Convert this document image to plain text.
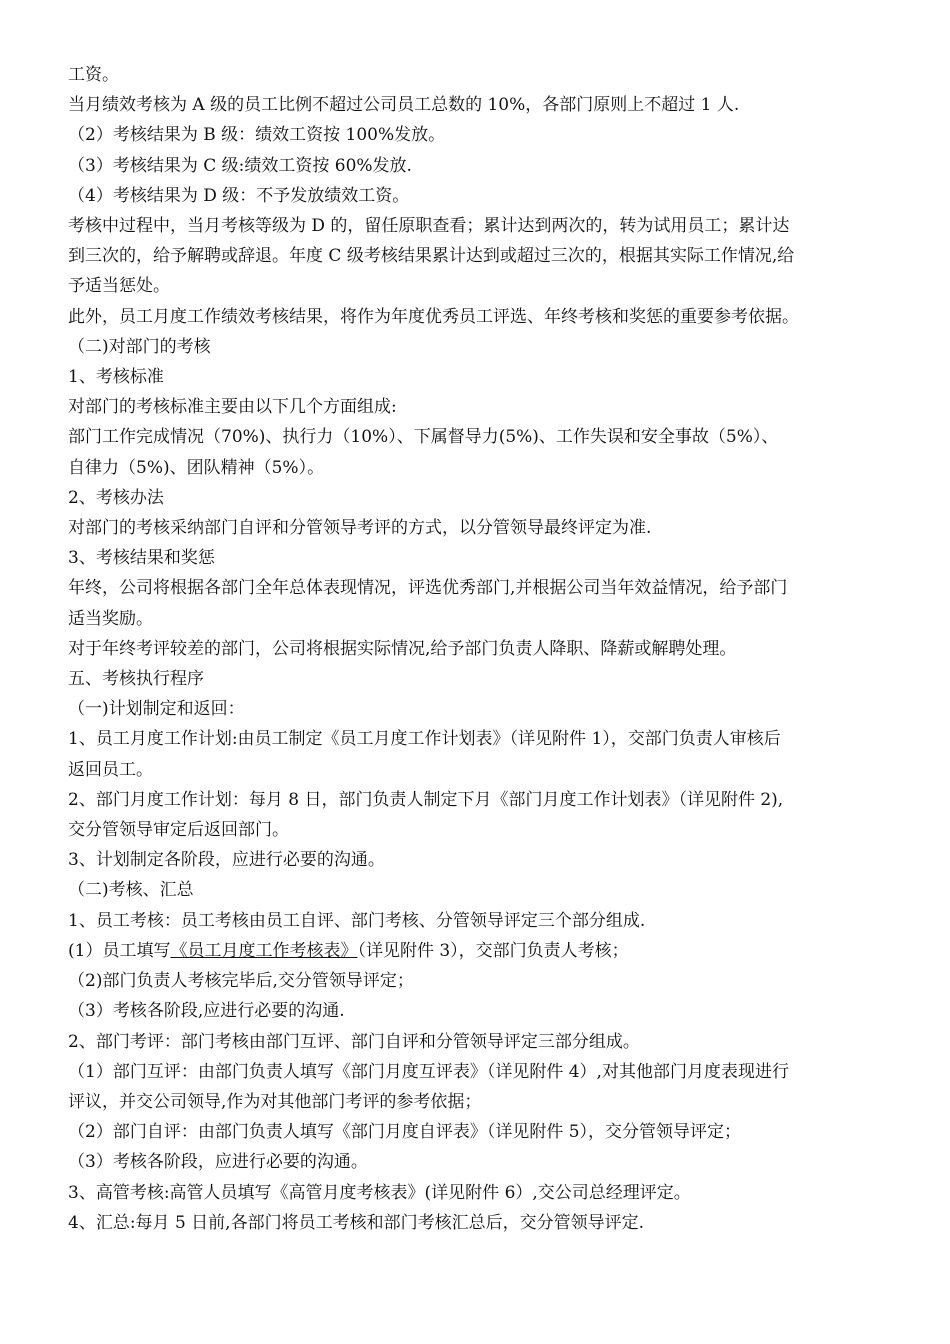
工资。

当月绩效考核为 A 级的员工比例不超过公司员工总数的 10%，各部门原则上不超过 1 人.

（2）考核结果为 B 级：绩效工资按 100%发放。

（3）考核结果为 C 级:绩效工资按 60%发放.

（4）考核结果为 D 级：不予发放绩效工资。

考核中过程中，当月考核等级为 D 的，留任原职查看；累计达到两次的，转为试用员工；累计达

到三次的，给予解聘或辞退。年度 C 级考核结果累计达到或超过三次的，根据其实际工作情况,给

予适当惩处。

此外，员工月度工作绩效考核结果，将作为年度优秀员工评选、年终考核和奖惩的重要参考依据。

（二)对部门的考核

1、考核标准

对部门的考核标准主要由以下几个方面组成:

部门工作完成情况（70%)、执行力（10%）、下属督导力(5%)、工作失误和安全事故（5%）、

自律力（5%)、团队精神（5%）。

2、考核办法

对部门的考核采纳部门自评和分管领导考评的方式，以分管领导最终评定为准.

3、考核结果和奖惩

年终，公司将根据各部门全年总体表现情况，评选优秀部门,并根据公司当年效益情况，给予部门

适当奖励。

对于年终考评较差的部门，公司将根据实际情况,给予部门负责人降职、降薪或解聘处理。

五、考核执行程序

（一)计划制定和返回：

1、员工月度工作计划:由员工制定《员工月度工作计划表》（详见附件 1），交部门负责人审核后

返回员工。

2、部门月度工作计划：每月 8 日，部门负责人制定下月《部门月度工作计划表》（详见附件 2),

交分管领导审定后返回部门。

3、计划制定各阶段，应进行必要的沟通。

（二)考核、汇总

1、员工考核：员工考核由员工自评、部门考核、分管领导评定三个部分组成.

(1）员工填写《员工月度工作考核表》（详见附件 3），交部门负责人考核；

（2)部门负责人考核完毕后,交分管领导评定；

（3）考核各阶段,应进行必要的沟通.

2、部门考评：部门考核由部门互评、部门自评和分管领导评定三部分组成。

（1）部门互评：由部门负责人填写《部门月度互评表》（详见附件 4）,对其他部门月度表现进行

评议，并交公司领导,作为对其他部门考评的参考依据；

（2）部门自评：由部门负责人填写《部门月度自评表》（详见附件 5），交分管领导评定；

（3）考核各阶段，应进行必要的沟通。

3、高管考核:高管人员填写《高管月度考核表》(详见附件 6）,交公司总经理评定。

4、汇总:每月 5 日前,各部门将员工考核和部门考核汇总后，交分管领导评定.
